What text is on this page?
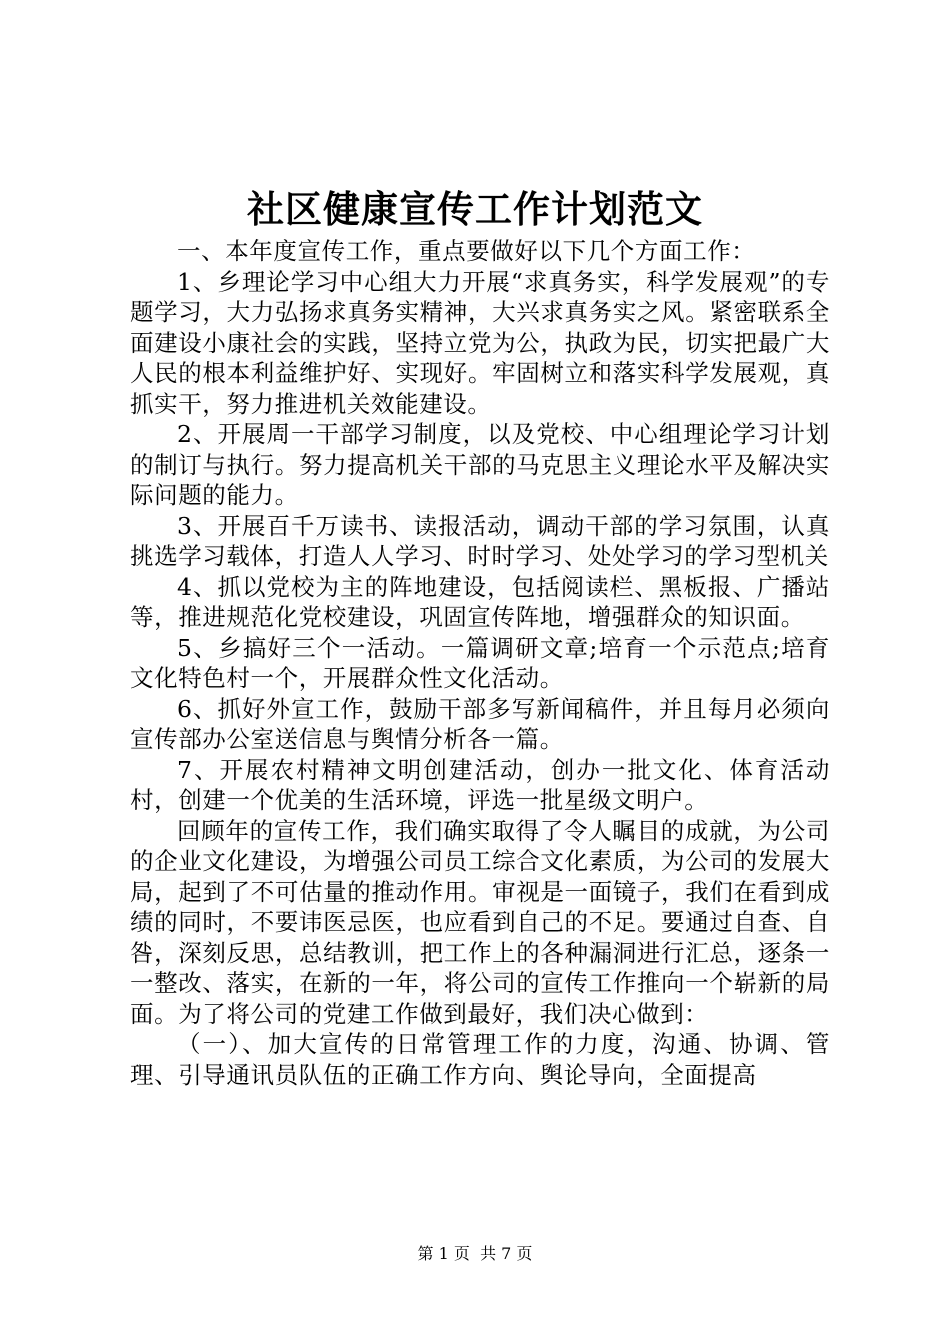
社区健康宣传工作计划范文

一、本年度宣传工作，重点要做好以下几个方面工作：

1、乡理论学习中心组大力开展“求真务实，科学发展观”的专题学习，大力弘扬求真务实精神，大兴求真务实之风。紧密联系全面建设小康社会的实践，坚持立党为公，执政为民，切实把最广大人民的根本利益维护好、实现好。牢固树立和落实科学发展观，真抓实干，努力推进机关效能建设。

2、开展周一干部学习制度，以及党校、中心组理论学习计划的制订与执行。努力提高机关干部的马克思主义理论水平及解决实际问题的能力。

3、开展百千万读书、读报活动，调动干部的学习氛围，认真挑选学习载体，打造人人学习、时时学习、处处学习的学习型机关

4、抓以党校为主的阵地建设，包括阅读栏、黑板报、广播站等，推进规范化党校建设，巩固宣传阵地，增强群众的知识面。

5、乡搞好三个一活动。一篇调研文章;培育一个示范点;培育文化特色村一个，开展群众性文化活动。

6、抓好外宣工作，鼓励干部多写新闻稿件，并且每月必须向宣传部办公室送信息与舆情分析各一篇。

7、开展农村精神文明创建活动，创办一批文化、体育活动村，创建一个优美的生活环境，评选一批星级文明户。

回顾年的宣传工作，我们确实取得了令人瞩目的成就，为公司的企业文化建设，为增强公司员工综合文化素质，为公司的发展大局，起到了不可估量的推动作用。审视是一面镜子，我们在看到成绩的同时，不要讳医忌医，也应看到自己的不足。要通过自查、自咎，深刻反思，总结教训，把工作上的各种漏洞进行汇总，逐条一一整改、落实，在新的一年，将公司的宣传工作推向一个崭新的局面。为了将公司的党建工作做到最好，我们决心做到：

（一）、加大宣传的日常管理工作的力度，沟通、协调、管理、引导通讯员队伍的正确工作方向、舆论导向，全面提高

第 1 页 共 7 页
